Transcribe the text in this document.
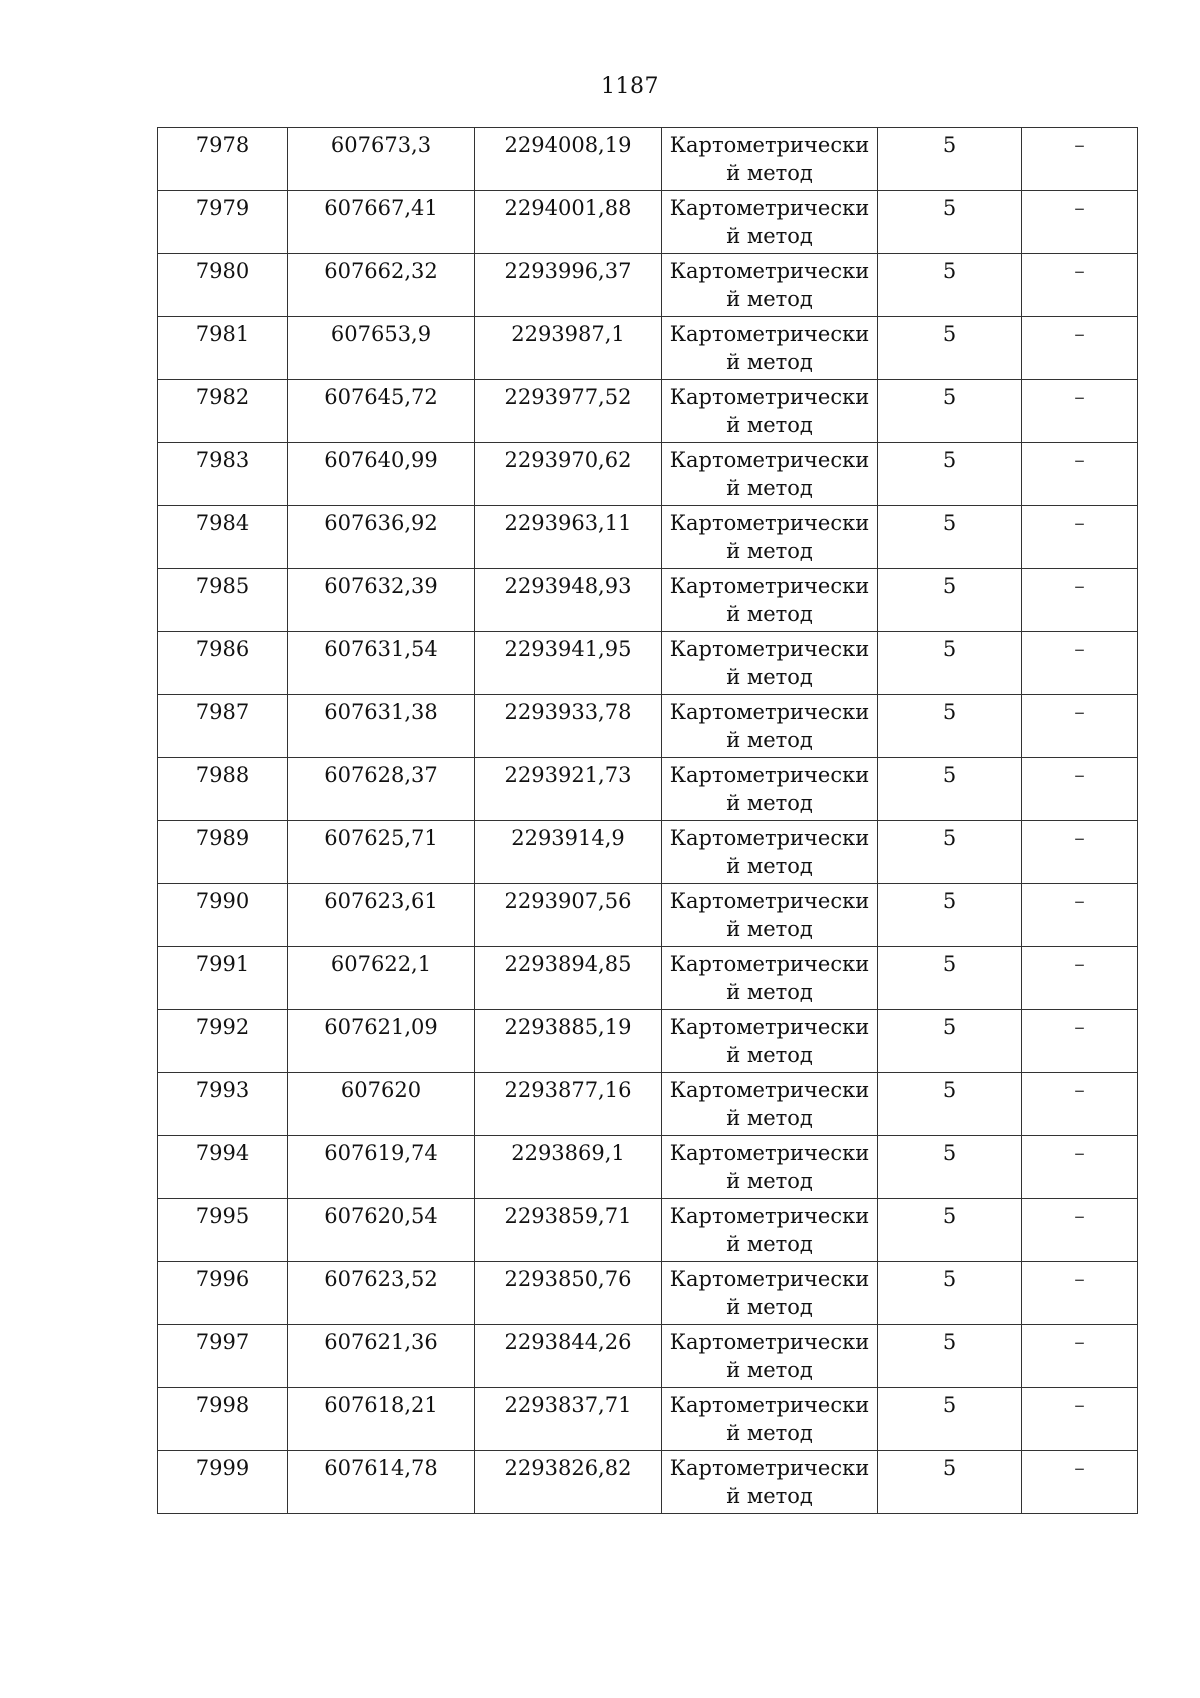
1187
7978	607673,3	2294008,19	Картометрически й метод	5	–
7979	607667,41	2294001,88	Картометрически й метод	5	–
7980	607662,32	2293996,37	Картометрически й метод	5	–
7981	607653,9	2293987,1	Картометрически й метод	5	–
7982	607645,72	2293977,52	Картометрически й метод	5	–
7983	607640,99	2293970,62	Картометрически й метод	5	–
7984	607636,92	2293963,11	Картометрически й метод	5	–
7985	607632,39	2293948,93	Картометрически й метод	5	–
7986	607631,54	2293941,95	Картометрически й метод	5	–
7987	607631,38	2293933,78	Картометрически й метод	5	–
7988	607628,37	2293921,73	Картометрически й метод	5	–
7989	607625,71	2293914,9	Картометрически й метод	5	–
7990	607623,61	2293907,56	Картометрически й метод	5	–
7991	607622,1	2293894,85	Картометрически й метод	5	–
7992	607621,09	2293885,19	Картометрически й метод	5	–
7993	607620	2293877,16	Картометрически й метод	5	–
7994	607619,74	2293869,1	Картометрически й метод	5	–
7995	607620,54	2293859,71	Картометрически й метод	5	–
7996	607623,52	2293850,76	Картометрически й метод	5	–
7997	607621,36	2293844,26	Картометрически й метод	5	–
7998	607618,21	2293837,71	Картометрически й метод	5	–
7999	607614,78	2293826,82	Картометрически й метод	5	–
